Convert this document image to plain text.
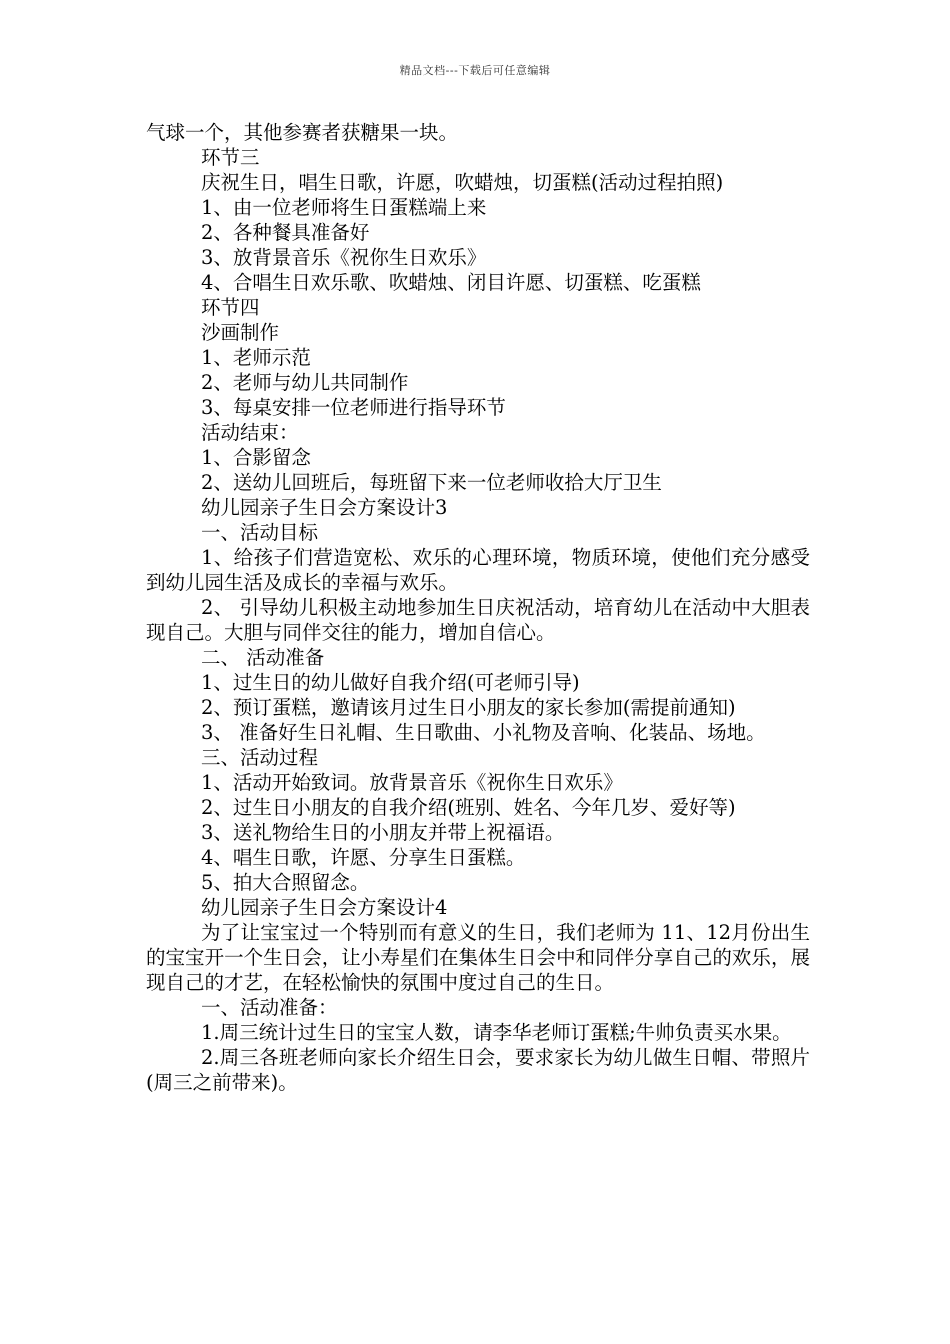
精品文档---下载后可任意编辑

气球一个，其他参赛者获糖果一块。

环节三

庆祝生日，唱生日歌，许愿，吹蜡烛，切蛋糕(活动过程拍照)

1、由一位老师将生日蛋糕端上来

2、各种餐具准备好

3、放背景音乐《祝你生日欢乐》

4、合唱生日欢乐歌、吹蜡烛、闭目许愿、切蛋糕、吃蛋糕

环节四

沙画制作

1、老师示范

2、老师与幼儿共同制作

3、每桌安排一位老师进行指导环节

活动结束：

1、合影留念

2、送幼儿回班后，每班留下来一位老师收拾大厅卫生

幼儿园亲子生日会方案设计3

一、活动目标

1、给孩子们营造宽松、欢乐的心理环境，物质环境，使他们充分感受到幼儿园生活及成长的幸福与欢乐。

2、 引导幼儿积极主动地参加生日庆祝活动，培育幼儿在活动中大胆表现自己。大胆与同伴交往的能力，增加自信心。

二、 活动准备

1、过生日的幼儿做好自我介绍(可老师引导)

2、预订蛋糕，邀请该月过生日小朋友的家长参加(需提前通知)

3、 准备好生日礼帽、生日歌曲、小礼物及音响、化装品、场地。

三、活动过程

1、活动开始致词。放背景音乐《祝你生日欢乐》

2、过生日小朋友的自我介绍(班别、姓名、今年几岁、爱好等)

3、送礼物给生日的小朋友并带上祝福语。

4、唱生日歌，许愿、分享生日蛋糕。

5、拍大合照留念。

幼儿园亲子生日会方案设计4

为了让宝宝过一个特别而有意义的生日，我们老师为 11、12月份出生的宝宝开一个生日会，让小寿星们在集体生日会中和同伴分享自己的欢乐，展现自己的才艺，在轻松愉快的氛围中度过自己的生日。

一、活动准备：

1.周三统计过生日的宝宝人数，请李华老师订蛋糕;牛帅负责买水果。

2.周三各班老师向家长介绍生日会，要求家长为幼儿做生日帽、带照片(周三之前带来)。
